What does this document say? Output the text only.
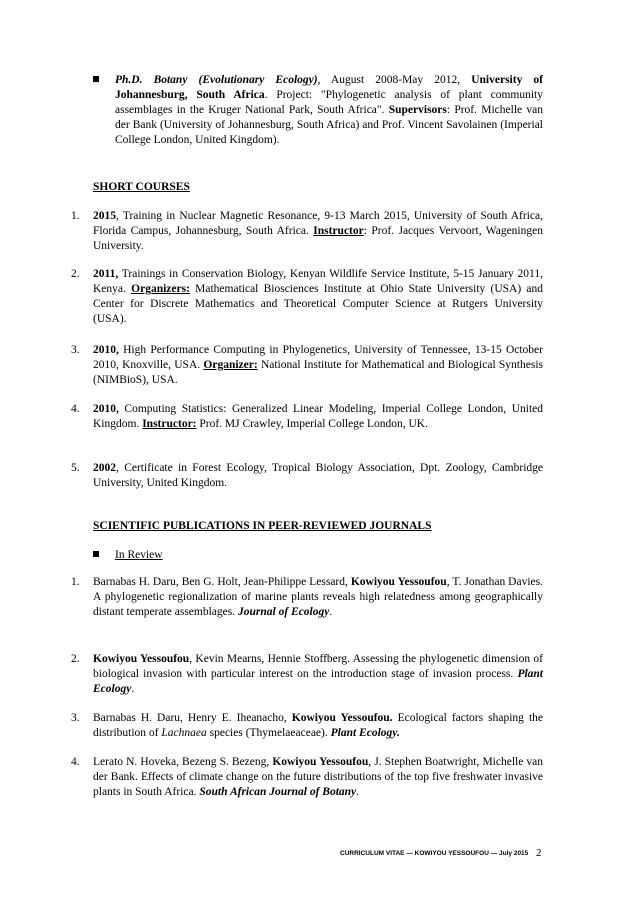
Ph.D. Botany (Evolutionary Ecology), August 2008-May 2012, University of Johannesburg, South Africa. Project: "Phylogenetic analysis of plant community assemblages in the Kruger National Park, South Africa". Supervisors: Prof. Michelle van der Bank (University of Johannesburg, South Africa) and Prof. Vincent Savolainen (Imperial College London, United Kingdom).
SHORT COURSES
1. 2015, Training in Nuclear Magnetic Resonance, 9-13 March 2015, University of South Africa, Florida Campus, Johannesburg, South Africa. Instructor: Prof. Jacques Vervoort, Wageningen University.
2. 2011, Trainings in Conservation Biology, Kenyan Wildlife Service Institute, 5-15 January 2011, Kenya. Organizers: Mathematical Biosciences Institute at Ohio State University (USA) and Center for Discrete Mathematics and Theoretical Computer Science at Rutgers University (USA).
3. 2010, High Performance Computing in Phylogenetics, University of Tennessee, 13-15 October 2010, Knoxville, USA. Organizer: National Institute for Mathematical and Biological Synthesis (NIMBioS), USA.
4. 2010, Computing Statistics: Generalized Linear Modeling, Imperial College London, United Kingdom. Instructor: Prof. MJ Crawley, Imperial College London, UK.
5. 2002, Certificate in Forest Ecology, Tropical Biology Association, Dpt. Zoology, Cambridge University, United Kingdom.
SCIENTIFIC PUBLICATIONS IN PEER-REVIEWED JOURNALS
In Review
1. Barnabas H. Daru, Ben G. Holt, Jean-Philippe Lessard, Kowiyou Yessoufou, T. Jonathan Davies. A phylogenetic regionalization of marine plants reveals high relatedness among geographically distant temperate assemblages. Journal of Ecology.
2. Kowiyou Yessoufou, Kevin Mearns, Hennie Stoffberg. Assessing the phylogenetic dimension of biological invasion with particular interest on the introduction stage of invasion process. Plant Ecology.
3. Barnabas H. Daru, Henry E. Iheanacho, Kowiyou Yessoufou. Ecological factors shaping the distribution of Lachnaea species (Thymelaeaceae). Plant Ecology.
4. Lerato N. Hoveka, Bezeng S. Bezeng, Kowiyou Yessoufou, J. Stephen Boatwright, Michelle van der Bank. Effects of climate change on the future distributions of the top five freshwater invasive plants in South Africa. South African Journal of Botany.
CURRICULUM VITAE — KOWIYOU YESSOUFOU — July 2015 2
